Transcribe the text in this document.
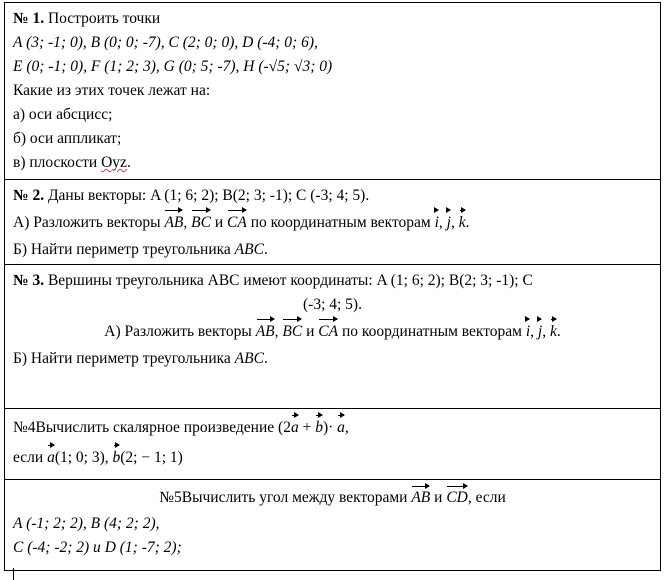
№ 1. Построить точки
A (3; -1; 0), B (0; 0; -7), C (2; 0; 0), D (-4; 0; 6),
E (0; -1; 0), F (1; 2; 3), G (0; 5; -7), H (-√5; √3; 0)
Какие из этих точек лежат на:
а) оси абсцисс;
б) оси аппликат;
в) плоскости Oyz.
№ 2. Даны векторы: A (1; 6; 2); B(2; 3; -1); C (-3; 4; 5).
А) Разложить векторы AB, BC и CA по координатным векторам i, j, k.
Б) Найти периметр треугольника ABC.
№ 3. Вершины треугольника ABC имеют координаты: A (1; 6; 2); B(2; 3; -1); C
(-3; 4; 5).
А) Разложить векторы AB, BC и CA по координатным векторам i, j, k.
Б) Найти периметр треугольника ABC.
№4Вычислить скалярное произведение (2a + b)· a,
если a(1; 0; 3), b(2; − 1; 1)
№5Вычислить угол между векторами AB и CD, если
A (-1; 2; 2), B (4; 2; 2),
C (-4; -2; 2) и D (1; -7; 2);
